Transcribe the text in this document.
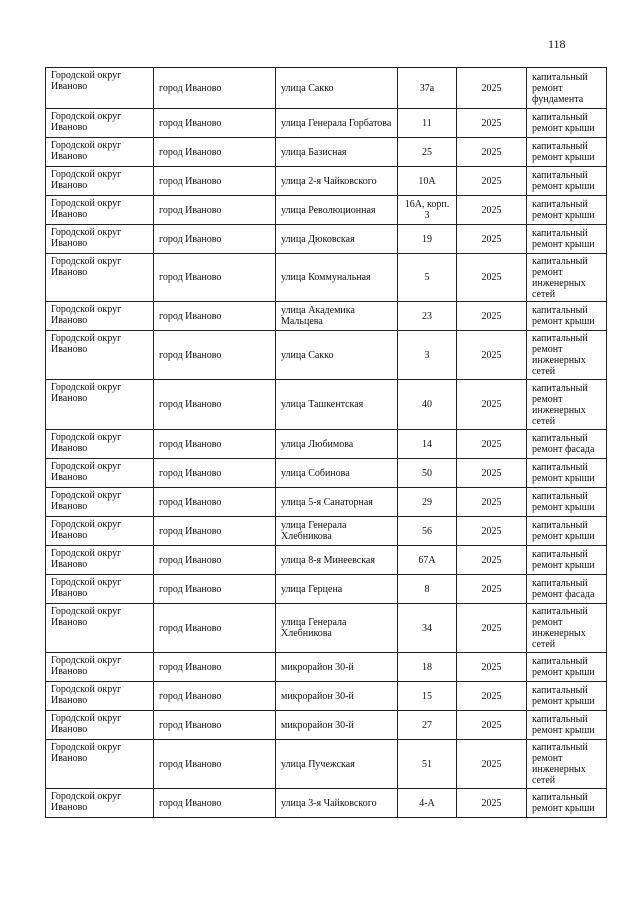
118
Городской округ Иваново	город Иваново	улица Сакко	37а	2025	капитальный ремонт фундамента
Городской округ Иваново	город Иваново	улица Генерала Горбатова	11	2025	капитальный ремонт крыши
Городской округ Иваново	город Иваново	улица Базисная	25	2025	капитальный ремонт крыши
Городской округ Иваново	город Иваново	улица 2-я Чайковского	10А	2025	капитальный ремонт крыши
Городской округ Иваново	город Иваново	улица Революционная	16А, корп. 3	2025	капитальный ремонт крыши
Городской округ Иваново	город Иваново	улица Дюковская	19	2025	капитальный ремонт крыши
Городской округ Иваново	город Иваново	улица Коммунальная	5	2025	капитальный ремонт инженерных сетей
Городской округ Иваново	город Иваново	улица Академика Мальцева	23	2025	капитальный ремонт крыши
Городской округ Иваново	город Иваново	улица Сакко	3	2025	капитальный ремонт инженерных сетей
Городской округ Иваново	город Иваново	улица Ташкентская	40	2025	капитальный ремонт инженерных сетей
Городской округ Иваново	город Иваново	улица Любимова	14	2025	капитальный ремонт фасада
Городской округ Иваново	город Иваново	улица Собинова	50	2025	капитальный ремонт крыши
Городской округ Иваново	город Иваново	улица 5-я Санаторная	29	2025	капитальный ремонт крыши
Городской округ Иваново	город Иваново	улица Генерала Хлебникова	56	2025	капитальный ремонт крыши
Городской округ Иваново	город Иваново	улица 8-я Минеевская	67А	2025	капитальный ремонт крыши
Городской округ Иваново	город Иваново	улица Герцена	8	2025	капитальный ремонт фасада
Городской округ Иваново	город Иваново	улица Генерала Хлебникова	34	2025	капитальный ремонт инженерных сетей
Городской округ Иваново	город Иваново	микрорайон 30-й	18	2025	капитальный ремонт крыши
Городской округ Иваново	город Иваново	микрорайон 30-й	15	2025	капитальный ремонт крыши
Городской округ Иваново	город Иваново	микрорайон 30-й	27	2025	капитальный ремонт крыши
Городской округ Иваново	город Иваново	улица Пучежская	51	2025	капитальный ремонт инженерных сетей
Городской округ Иваново	город Иваново	улица 3-я Чайковского	4-А	2025	капитальный ремонт крыши
